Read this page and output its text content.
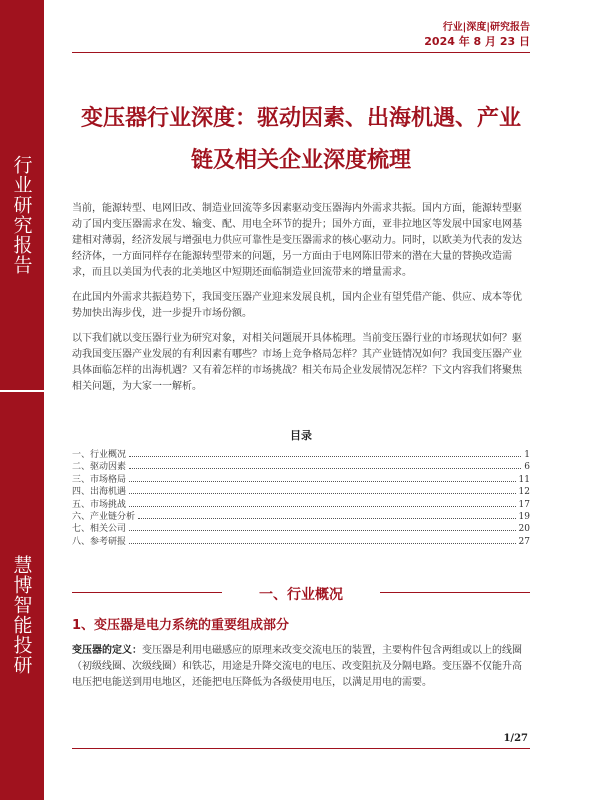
行业研究报告
慧博智能投研
行业|深度|研究报告
2024 年 8 月 23 日
变压器行业深度：驱动因素、出海机遇、产业链及相关企业深度梳理

当前，能源转型、电网旧改、制造业回流等多因素驱动变压器海内外需求共振。国内方面，能源转型驱动了国内变压器需求在发、输变、配、用电全环节的提升；国外方面，亚非拉地区等发展中国家电网基建相对薄弱，经济发展与增强电力供应可靠性是变压器需求的核心驱动力。同时，以欧美为代表的发达经济体，一方面同样存在能源转型带来的问题，另一方面由于电网陈旧带来的潜在大量的替换改造需求，而且以美国为代表的北美地区中短期还面临制造业回流带来的增量需求。

在此国内外需求共振趋势下，我国变压器产业迎来发展良机，国内企业有望凭借产能、供应、成本等优势加快出海步伐，进一步提升市场份额。

以下我们就以变压器行业为研究对象，对相关问题展开具体梳理。当前变压器行业的市场现状如何？驱动我国变压器产业发展的有利因素有哪些？市场上竞争格局怎样？其产业链情况如何？我国变压器产业具体面临怎样的出海机遇？又有着怎样的市场挑战？相关布局企业发展情况怎样？下文内容我们将聚焦相关问题，为大家一一解析。

目录
一、行业概况	1
二、驱动因素	6
三、市场格局	11
四、出海机遇	12
五、市场挑战	17
六、产业链分析	19
七、相关公司	20
八、参考研报	27
一、行业概况
1、变压器是电力系统的重要组成部分
变压器的定义：变压器是利用电磁感应的原理来改变交流电压的装置，主要构件包含两组或以上的线圈（初级线圈、次级线圈）和铁芯，用途是升降交流电的电压、改变阻抗及分隔电路。变压器不仅能升高电压把电能送到用电地区，还能把电压降低为各级使用电压，以满足用电的需要。
1/27
